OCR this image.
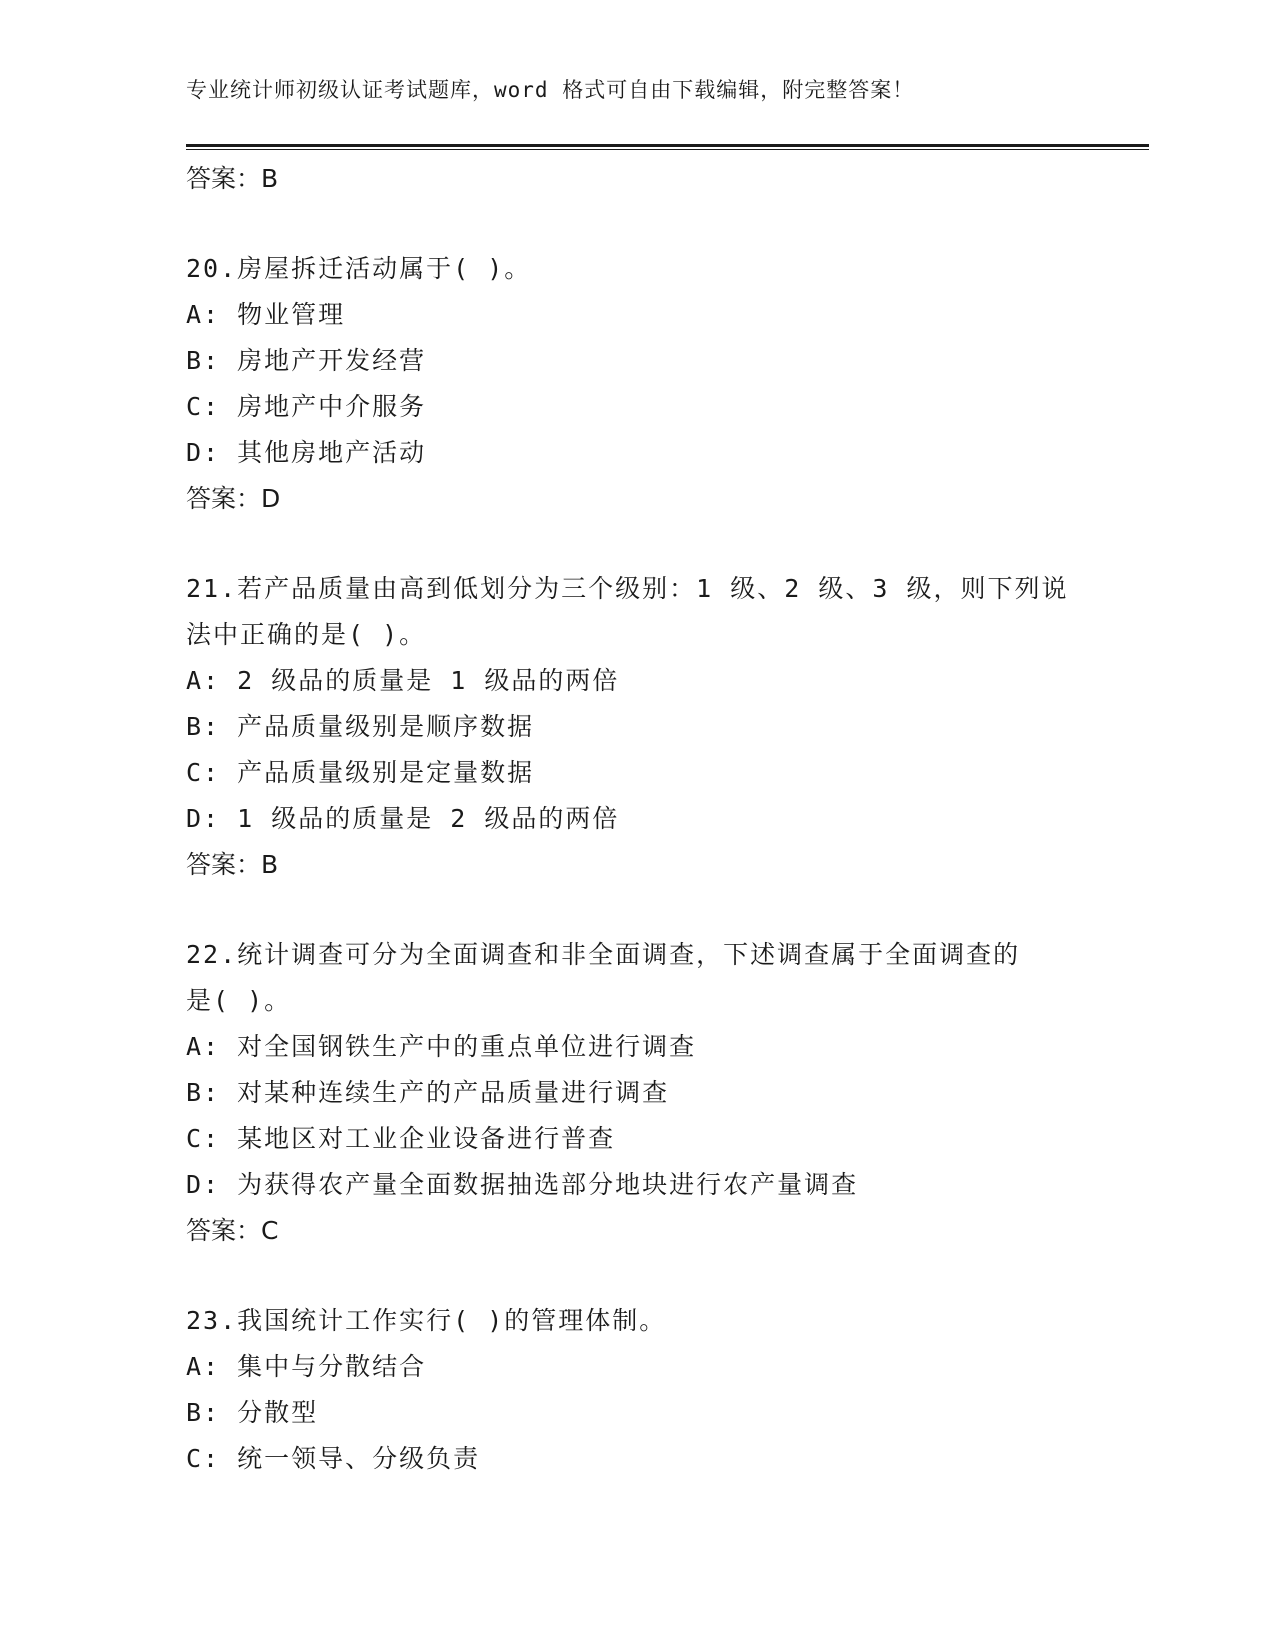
专业统计师初级认证考试题库，word 格式可自由下载编辑，附完整答案！
答案：B
20.房屋拆迁活动属于( )。
A: 物业管理
B: 房地产开发经营
C: 房地产中介服务
D: 其他房地产活动
答案：D
21.若产品质量由高到低划分为三个级别：1 级、2 级、3 级，则下列说
法中正确的是( )。
A: 2 级品的质量是 1 级品的两倍
B: 产品质量级别是顺序数据
C: 产品质量级别是定量数据
D: 1 级品的质量是 2 级品的两倍
答案：B
22.统计调查可分为全面调查和非全面调查，下述调查属于全面调查的
是( )。
A: 对全国钢铁生产中的重点单位进行调查
B: 对某种连续生产的产品质量进行调查
C: 某地区对工业企业设备进行普查
D: 为获得农产量全面数据抽选部分地块进行农产量调查
答案：C
23.我国统计工作实行( )的管理体制。
A: 集中与分散结合
B: 分散型
C: 统一领导、分级负责
